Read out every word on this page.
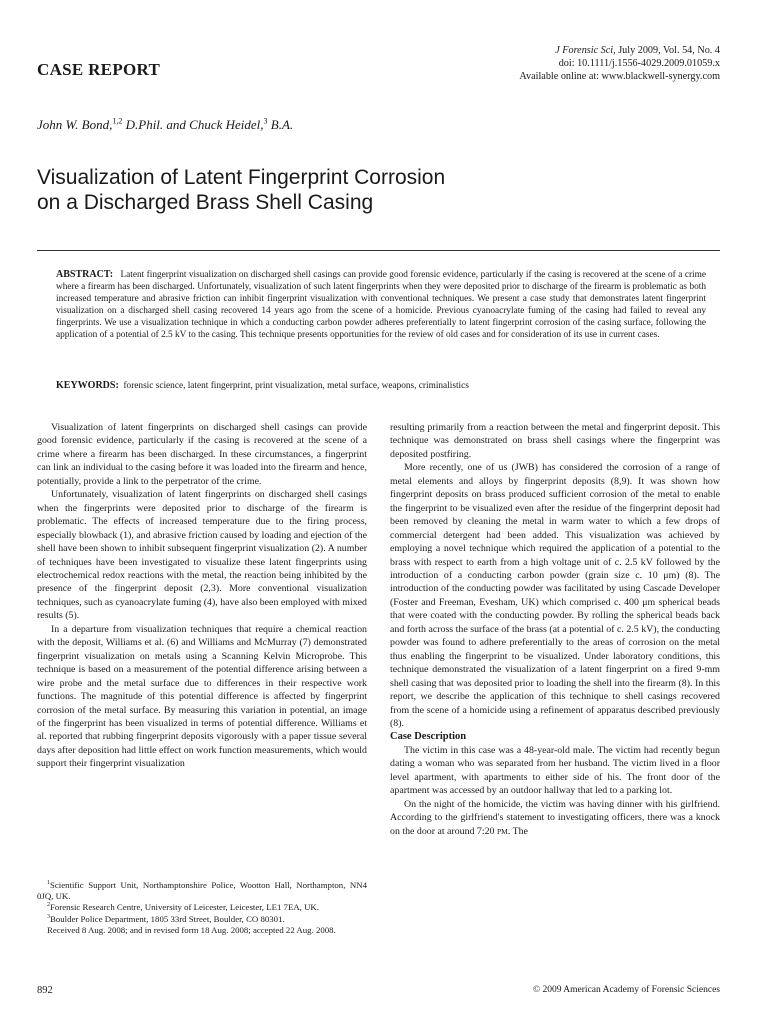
CASE REPORT
J Forensic Sci, July 2009, Vol. 54, No. 4
doi: 10.1111/j.1556-4029.2009.01059.x
Available online at: www.blackwell-synergy.com
John W. Bond,$^{1,2}$ D.Phil. and Chuck Heidel,$^3$ B.A.
Visualization of Latent Fingerprint Corrosion
on a Discharged Brass Shell Casing
ABSTRACT: Latent fingerprint visualization on discharged shell casings can provide good forensic evidence, particularly if the casing is recovered at the scene of a crime where a firearm has been discharged. Unfortunately, visualization of such latent fingerprints when they were deposited prior to discharge of the firearm is problematic as both increased temperature and abrasive friction can inhibit fingerprint visualization with conventional techniques. We present a case study that demonstrates latent fingerprint visualization on a discharged shell casing recovered 14 years ago from the scene of a homicide. Previous cyanoacrylate fuming of the casing had failed to reveal any fingerprints. We use a visualization technique in which a conducting carbon powder adheres preferentially to latent fingerprint corrosion of the casing surface, following the application of a potential of 2.5 kV to the casing. This technique presents opportunities for the review of old cases and for consideration of its use in current cases.
KEYWORDS: forensic science, latent fingerprint, print visualization, metal surface, weapons, criminalistics

Visualization of latent fingerprints on discharged shell casings can provide good forensic evidence, particularly if the casing is recovered at the scene of a crime where a firearm has been discharged. In these circumstances, a fingerprint can link an individual to the casing before it was loaded into the firearm and hence, potentially, provide a link to the perpetrator of the crime.

Unfortunately, visualization of latent fingerprints on discharged shell casings when the fingerprints were deposited prior to discharge of the firearm is problematic. The effects of increased temperature due to the firing process, especially blowback (1), and abrasive friction caused by loading and ejection of the shell have been shown to inhibit subsequent fingerprint visualization (2). A number of techniques have been investigated to visualize these latent fingerprints using electrochemical redox reactions with the metal, the reaction being inhibited by the presence of the fingerprint deposit (2,3). More conventional visualization techniques, such as cyanoacrylate fuming (4), have also been employed with mixed results (5).

In a departure from visualization techniques that require a chemical reaction with the deposit, Williams et al. (6) and Williams and McMurray (7) demonstrated fingerprint visualization on metals using a Scanning Kelvin Microprobe. This technique is based on a measurement of the potential difference arising between a wire probe and the metal surface due to differences in their respective work functions. The magnitude of this potential difference is affected by fingerprint corrosion of the metal surface. By measuring this variation in potential, an image of the fingerprint has been visualized in terms of potential difference. Williams et al. reported that rubbing fingerprint deposits vigorously with a paper tissue several days after deposition had little effect on work function measurements, which would support their fingerprint visualization

resulting primarily from a reaction between the metal and fingerprint deposit. This technique was demonstrated on brass shell casings where the fingerprint was deposited postfiring.

More recently, one of us (JWB) has considered the corrosion of a range of metal elements and alloys by fingerprint deposits (8,9). It was shown how fingerprint deposits on brass produced sufficient corrosion of the metal to enable the fingerprint to be visualized even after the residue of the fingerprint deposit had been removed by cleaning the metal in warm water to which a few drops of commercial detergent had been added. This visualization was achieved by employing a novel technique which required the application of a potential to the brass with respect to earth from a high voltage unit of c. 2.5 kV followed by the introduction of a conducting carbon powder (grain size c. 10 μm) (8). The introduction of the conducting powder was facilitated by using Cascade Developer (Foster and Freeman, Evesham, UK) which comprised c. 400 μm spherical beads that were coated with the conducting powder. By rolling the spherical beads back and forth across the surface of the brass (at a potential of c. 2.5 kV), the conducting powder was found to adhere preferentially to the areas of corrosion on the metal thus enabling the fingerprint to be visualized. Under laboratory conditions, this technique demonstrated the visualization of a latent fingerprint on a fired 9-mm shell casing that was deposited prior to loading the shell into the firearm (8). In this report, we describe the application of this technique to shell casings recovered from the scene of a homicide using a refinement of apparatus described previously (8).

Case Description

The victim in this case was a 48-year-old male. The victim had recently begun dating a woman who was separated from her husband. The victim lived in a floor level apartment, with apartments to either side of his. The front door of the apartment was accessed by an outdoor hallway that led to a parking lot.

On the night of the homicide, the victim was having dinner with his girlfriend. According to the girlfriend's statement to investigating officers, there was a knock on the door at around 7:20 PM. The

$^1$Scientific Support Unit, Northamptonshire Police, Wootton Hall, Northampton, NN4 0JQ, UK.

$^2$Forensic Research Centre, University of Leicester, Leicester, LE1 7EA, UK.

$^3$Boulder Police Department, 1805 33rd Street, Boulder, CO 80301.

Received 8 Aug. 2008; and in revised form 18 Aug. 2008; accepted 22 Aug. 2008.

892	© 2009 American Academy of Forensic Sciences
